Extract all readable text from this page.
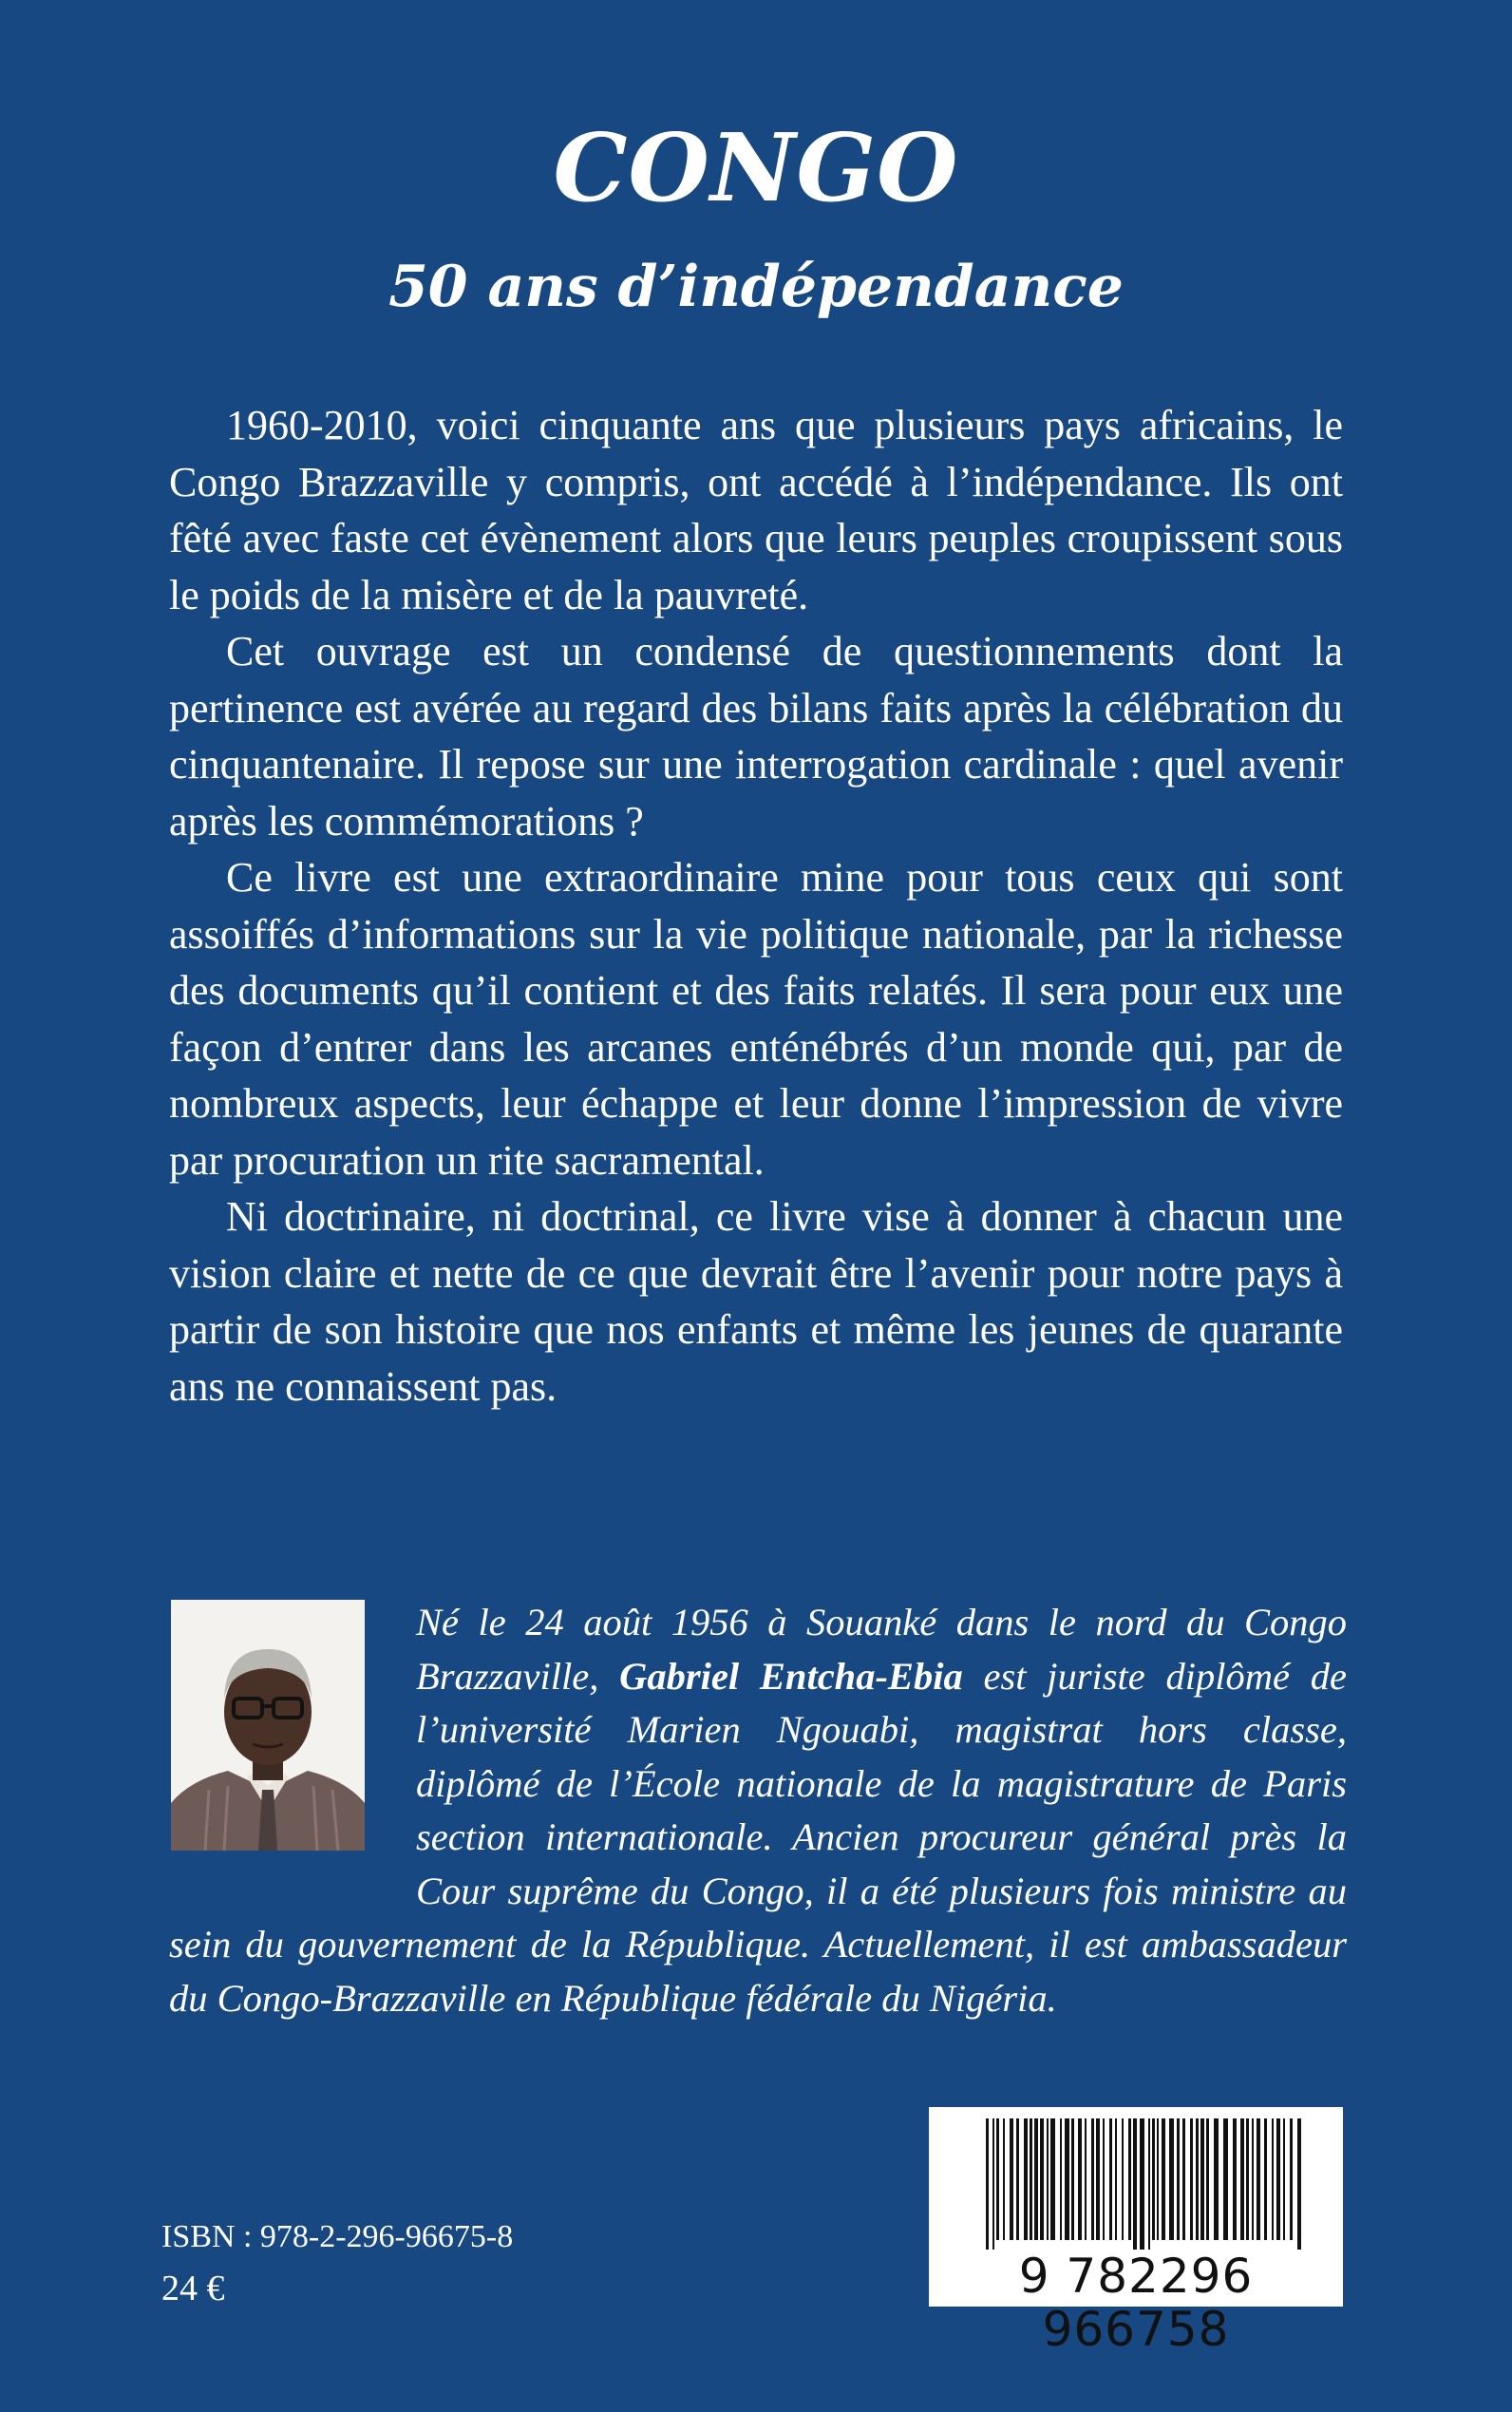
CONGO
50 ans d’indépendance

1960-2010, voici cinquante ans que plusieurs pays africains, le Congo Brazzaville y compris, ont accédé à l’indépendance. Ils ont fêté avec faste cet évènement alors que leurs peuples croupissent sous le poids de la misère et de la pauvreté.

Cet ouvrage est un condensé de questionnements dont la pertinence est avérée au regard des bilans faits après la célébration du cinquantenaire. Il repose sur une interrogation cardinale : quel avenir après les commémorations ?

Ce livre est une extraordinaire mine pour tous ceux qui sont assoiffés d’informations sur la vie politique nationale, par la richesse des documents qu’il contient et des faits relatés. Il sera pour eux une façon d’entrer dans les arcanes enténébrés d’un monde qui, par de nombreux aspects, leur échappe et leur donne l’impression de vivre par procuration un rite sacramental.

Ni doctrinaire, ni doctrinal, ce livre vise à donner à chacun une vision claire et nette de ce que devrait être l’avenir pour notre pays à partir de son histoire que nos enfants et même les jeunes de quarante ans ne connaissent pas.

Né le 24 août 1956 à Souanké dans le nord du Congo Brazzaville, Gabriel Entcha-Ebia est juriste diplômé de l’université Marien Ngouabi, magistrat hors classe, diplômé de l’École nationale de la magistrature de Paris section internationale. Ancien procureur général près la Cour suprême du Congo, il a été plusieurs fois ministre au sein du gouvernement de la République. Actuellement, il est ambassadeur du Congo-Brazzaville en République fédérale du Nigéria.
9 782296 966758
ISBN : 978-2-296-96675-8
24 €
